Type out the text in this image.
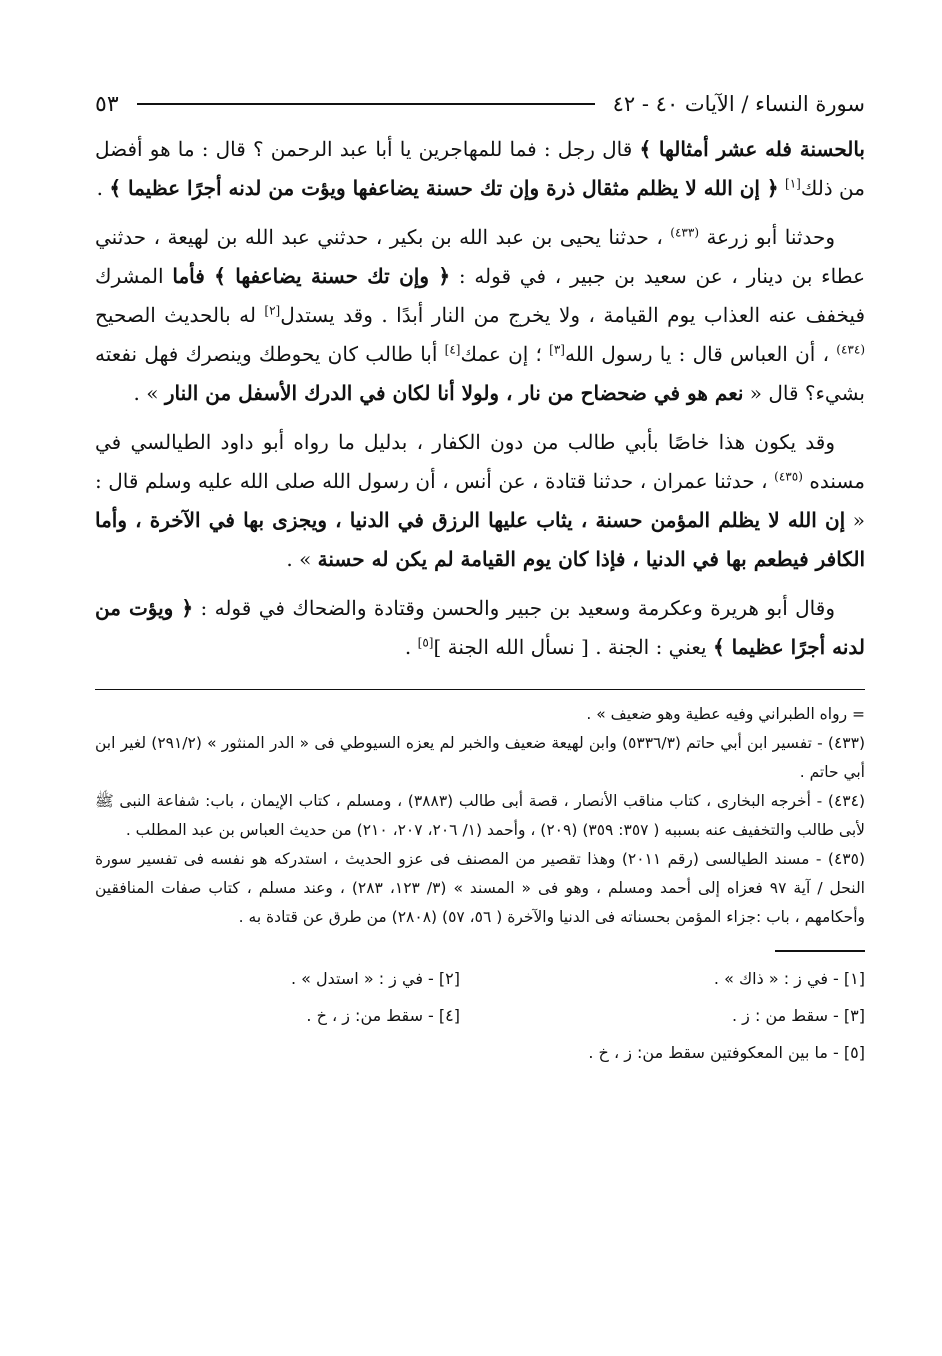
سورة النساء / الآيات ٤٠ - ٤٢
٥٣

بالحسنة فله عشر أمثالها ﴾ قال رجل : فما للمهاجرين يا أبا عبد الرحمن ؟ قال : ما هو أفضل من ذلك[١] ﴿ إن الله لا يظلم مثقال ذرة وإن تك حسنة يضاعفها ويؤت من لدنه أجرًا عظيما ﴾ .

وحدثنا أبو زرعة $^{(٤٣٣)}$ ، حدثنا يحيى بن عبد الله بن بكير ، حدثني عبد الله بن لهيعة ، حدثني عطاء بن دينار ، عن سعيد بن جبير ، في قوله : ﴿ وإن تك حسنة يضاعفها ﴾ فأما المشرك فيخفف عنه العذاب يوم القيامة ، ولا يخرج من النار أبدًا . وقد يستدل[٢] له بالحديث الصحيح $^{(٤٣٤)}$ ، أن العباس قال : يا رسول الله[٣] ؛ إن عمك[٤] أبا طالب كان يحوطك وينصرك فهل نفعته بشيء؟ قال « نعم هو في ضحضاح من نار ، ولولا أنا لكان في الدرك الأسفل من النار » .

وقد يكون هذا خاصًا بأبي طالب من دون الكفار ، بدليل ما رواه أبو داود الطيالسي في مسنده $^{(٤٣٥)}$ ، حدثنا عمران ، حدثنا قتادة ، عن أنس ، أن رسول الله صلى الله عليه وسلم قال : « إن الله لا يظلم المؤمن حسنة ، يثاب عليها الرزق في الدنيا ، ويجزى بها في الآخرة ، وأما الكافر فيطعم بها في الدنيا ، فإذا كان يوم القيامة لم يكن له حسنة » .

وقال أبو هريرة وعكرمة وسعيد بن جبير والحسن وقتادة والضحاك في قوله : ﴿ ويؤت من لدنه أجرًا عظيما ﴾ يعني : الجنة . [ نسأل الله الجنة ][٥] .

= رواه الطبراني وفيه عطية وهو ضعيف » .

(٤٣٣) - تفسير ابن أبي حاتم (٥٣٣٦/٣) وابن لهيعة ضعيف والخبر لم يعزه السيوطي فى « الدر المنثور » (٢٩١/٢) لغير ابن أبي حاتم .

(٤٣٤) - أخرجه البخارى ، كتاب مناقب الأنصار ، قصة أبى طالب (٣٨٨٣) ، ومسلم ، كتاب الإيمان ، باب: شفاعة النبى ﷺ لأبى طالب والتخفيف عنه بسببه ( ٣٥٧: ٣٥٩) (٢٠٩) ، وأحمد (١/ ٢٠٦، ٢٠٧، ٢١٠) من حديث العباس بن عبد المطلب .

(٤٣٥) - مسند الطيالسى (رقم ٢٠١١) وهذا تقصير من المصنف فى عزو الحديث ، استدركه هو نفسه فى تفسير سورة النحل / آية ٩٧ فعزاه إلى أحمد ومسلم ، وهو فى « المسند » (٣/ ١٢٣، ٢٨٣) ، وعند مسلم ، كتاب صفات المنافقين وأحكامهم ، باب :جزاء المؤمن بحسناته فى الدنيا والآخرة ( ٥٦، ٥٧) (٢٨٠٨) من طرق عن قتادة به .

[١] - في ز : « ذاك » .
[٢] - في ز : « استدل » .
[٣] - سقط من : ز .
[٤] - سقط من: ز ، خ .
[٥] - ما بين المعكوفتين سقط من: ز ، خ .
